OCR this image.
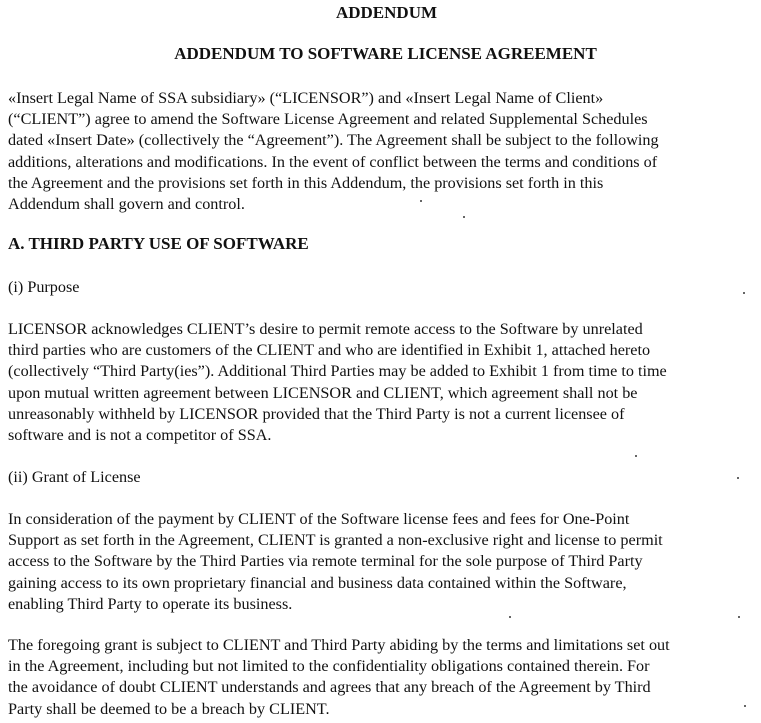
ADDENDUM
ADDENDUM TO SOFTWARE LICENSE AGREEMENT
«Insert Legal Name of SSA subsidiary» (“LICENSOR”) and «Insert Legal Name of Client»
(“CLIENT”) agree to amend the Software License Agreement and related Supplemental Schedules
dated «Insert Date» (collectively the “Agreement”). The Agreement shall be subject to the following
additions, alterations and modifications. In the event of conflict between the terms and conditions of
the Agreement and the provisions set forth in this Addendum, the provisions set forth in this
Addendum shall govern and control.
A. THIRD PARTY USE OF SOFTWARE
(i) Purpose
LICENSOR acknowledges CLIENT’s desire to permit remote access to the Software by unrelated
third parties who are customers of the CLIENT and who are identified in Exhibit 1, attached hereto
(collectively “Third Party(ies”). Additional Third Parties may be added to Exhibit 1 from time to time
upon mutual written agreement between LICENSOR and CLIENT, which agreement shall not be
unreasonably withheld by LICENSOR provided that the Third Party is not a current licensee of
software and is not a competitor of SSA.
(ii) Grant of License
In consideration of the payment by CLIENT of the Software license fees and fees for One-Point
Support as set forth in the Agreement, CLIENT is granted a non-exclusive right and license to permit
access to the Software by the Third Parties via remote terminal for the sole purpose of Third Party
gaining access to its own proprietary financial and business data contained within the Software,
enabling Third Party to operate its business.
The foregoing grant is subject to CLIENT and Third Party abiding by the terms and limitations set out
in the Agreement, including but not limited to the confidentiality obligations contained therein. For
the avoidance of doubt CLIENT understands and agrees that any breach of the Agreement by Third
Party shall be deemed to be a breach by CLIENT.
